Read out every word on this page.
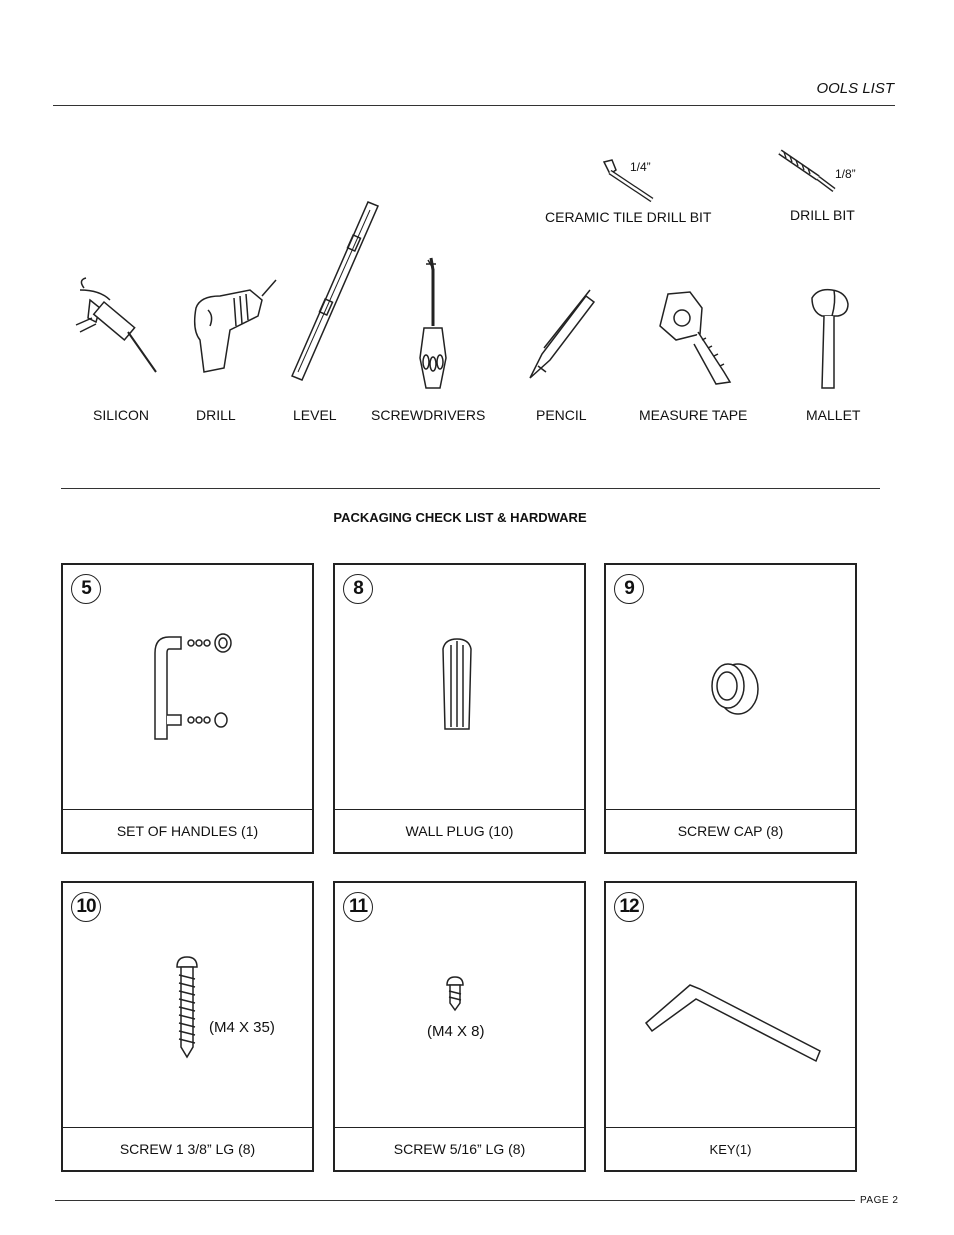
OOLS LIST
CERAMIC TILE DRILL BIT
1/4”
DRILL BIT
1/8”
SILICON	DRILL	LEVEL SCREWDRIVERS	PENCIL	MEASURE TAPE	MALLET
PACKAGING CHECK LIST & HARDWARE
5
SET OF HANDLES (1)
8
WALL PLUG (10)
9
SCREW CAP (8)
10
(M4 X 35)
SCREW 1 3/8” LG (8)
11
(M4 X 8)
SCREW 5/16” LG (8)
12
KEY(1)
PAGE 2
